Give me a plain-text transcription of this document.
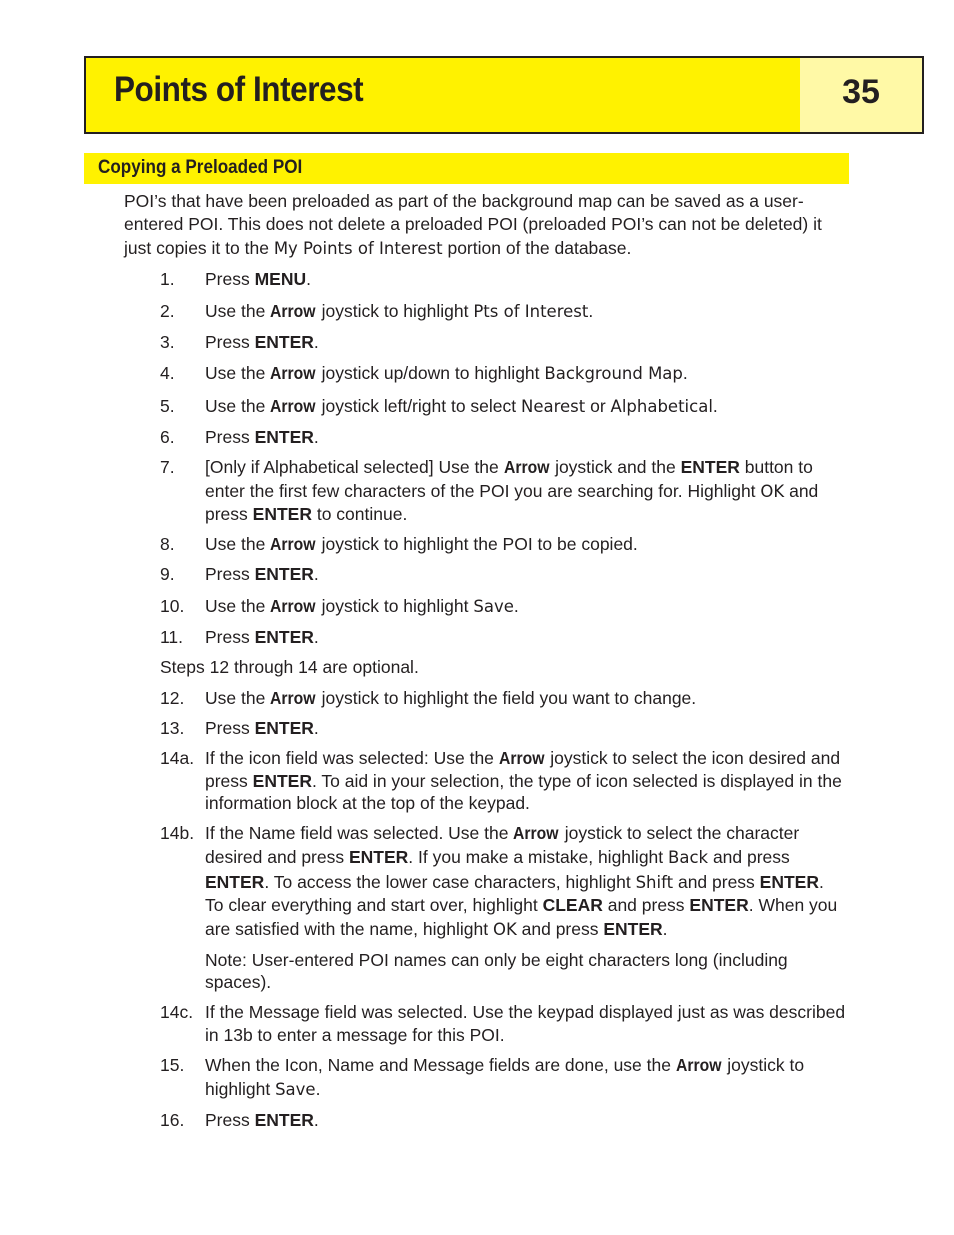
Points of Interest	35
Copying a Preloaded POI
POI’s that have been preloaded as part of the background map can be saved as a user-
entered POI. This does not delete a preloaded POI (preloaded POI’s can not be deleted) it
just copies it to the My Points of Interest portion of the database.
1. Press MENU.
2. Use the Arrow joystick to highlight Pts of Interest.
3. Press ENTER.
4. Use the Arrow joystick up/down to highlight Background Map.
5. Use the Arrow joystick left/right to select Nearest or Alphabetical.
6. Press ENTER.
7. [Only if Alphabetical selected] Use the Arrow joystick and the ENTER button to
enter the first few characters of the POI you are searching for. Highlight OK and
press ENTER to continue.
8. Use the Arrow joystick to highlight the POI to be copied.
9. Press ENTER.
10. Use the Arrow joystick to highlight Save.
11. Press ENTER.
Steps 12 through 14 are optional.
12. Use the Arrow joystick to highlight the field you want to change.
13. Press ENTER.
14a. If the icon field was selected: Use the Arrow joystick to select the icon desired and
press ENTER. To aid in your selection, the type of icon selected is displayed in the
information block at the top of the keypad.
14b. If the Name field was selected. Use the Arrow joystick to select the character
desired and press ENTER. If you make a mistake, highlight Back and press
ENTER. To access the lower case characters, highlight Shift and press ENTER.
To clear everything and start over, highlight CLEAR and press ENTER. When you
are satisfied with the name, highlight OK and press ENTER.
Note: User-entered POI names can only be eight characters long (including
spaces).
14c. If the Message field was selected. Use the keypad displayed just as was described
in 13b to enter a message for this POI.
15. When the Icon, Name and Message fields are done, use the Arrow joystick to
highlight Save.
16. Press ENTER.
